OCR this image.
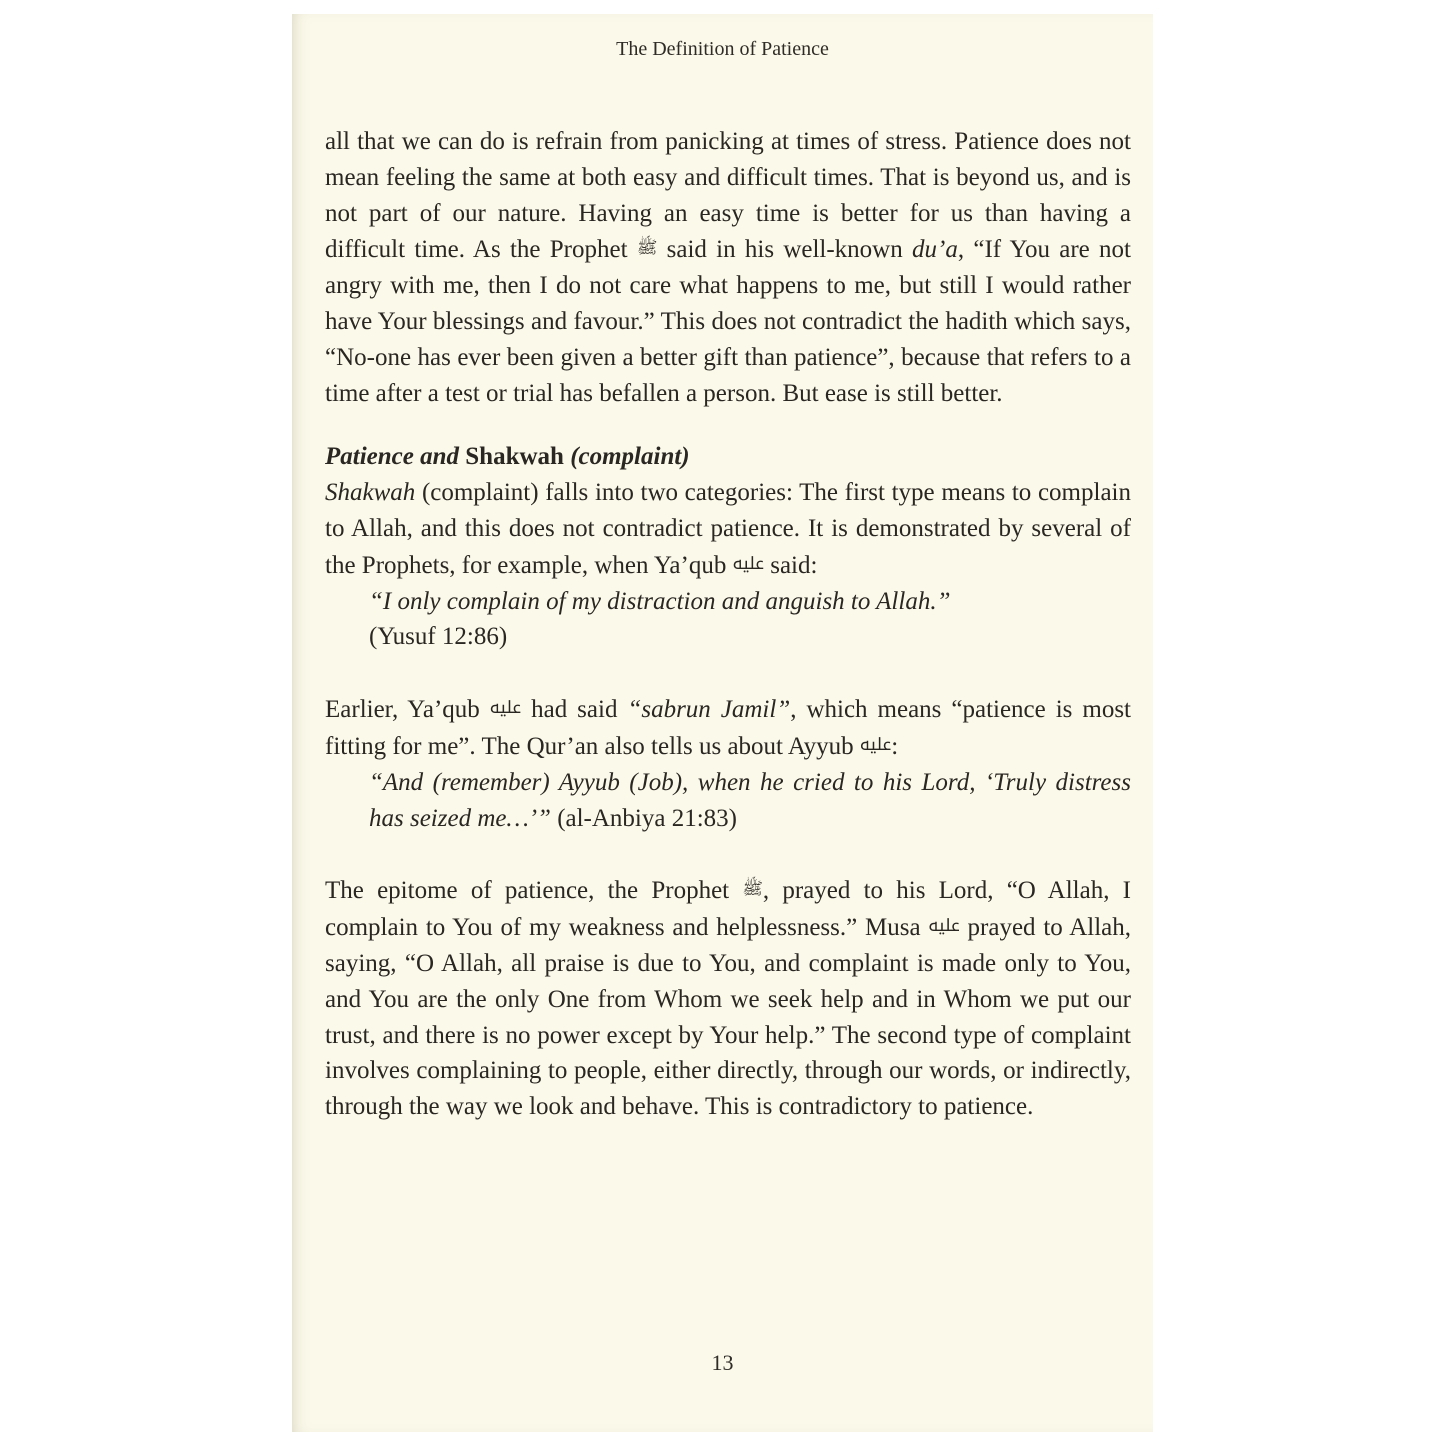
The Definition of Patience

all that we can do is refrain from panicking at times of stress. Patience does not mean feeling the same at both easy and difficult times. That is beyond us, and is not part of our nature. Having an easy time is better for us than having a difficult time. As the Prophet ﷺ said in his well-known du’a, “If You are not angry with me, then I do not care what happens to me, but still I would rather have Your blessings and favour.” This does not contradict the hadith which says, “No-one has ever been given a better gift than patience”, because that refers to a time after a test or trial has befallen a person. But ease is still better.

Patience and Shakwah (complaint)

Shakwah (complaint) falls into two categories: The first type means to complain to Allah, and this does not contradict patience. It is demonstrated by several of the Prophets, for example, when Ya’qub ﷷ said:

“I only complain of my distraction and anguish to Allah.”
(Yusuf 12:86)

Earlier, Ya’qub ﷷ had said “sabrun Jamil”, which means “patience is most fitting for me”. The Qur’an also tells us about Ayyub ﷷ:

“And (remember) Ayyub (Job), when he cried to his Lord, ‘Truly distress has seized me…’” (al-Anbiya 21:83)

The epitome of patience, the Prophet ﷺ, prayed to his Lord, “O Allah, I complain to You of my weakness and helplessness.” Musa ﷷ prayed to Allah, saying, “O Allah, all praise is due to You, and complaint is made only to You, and You are the only One from Whom we seek help and in Whom we put our trust, and there is no power except by Your help.” The second type of complaint involves complaining to people, either directly, through our words, or indirectly, through the way we look and behave. This is contradictory to patience.

13
